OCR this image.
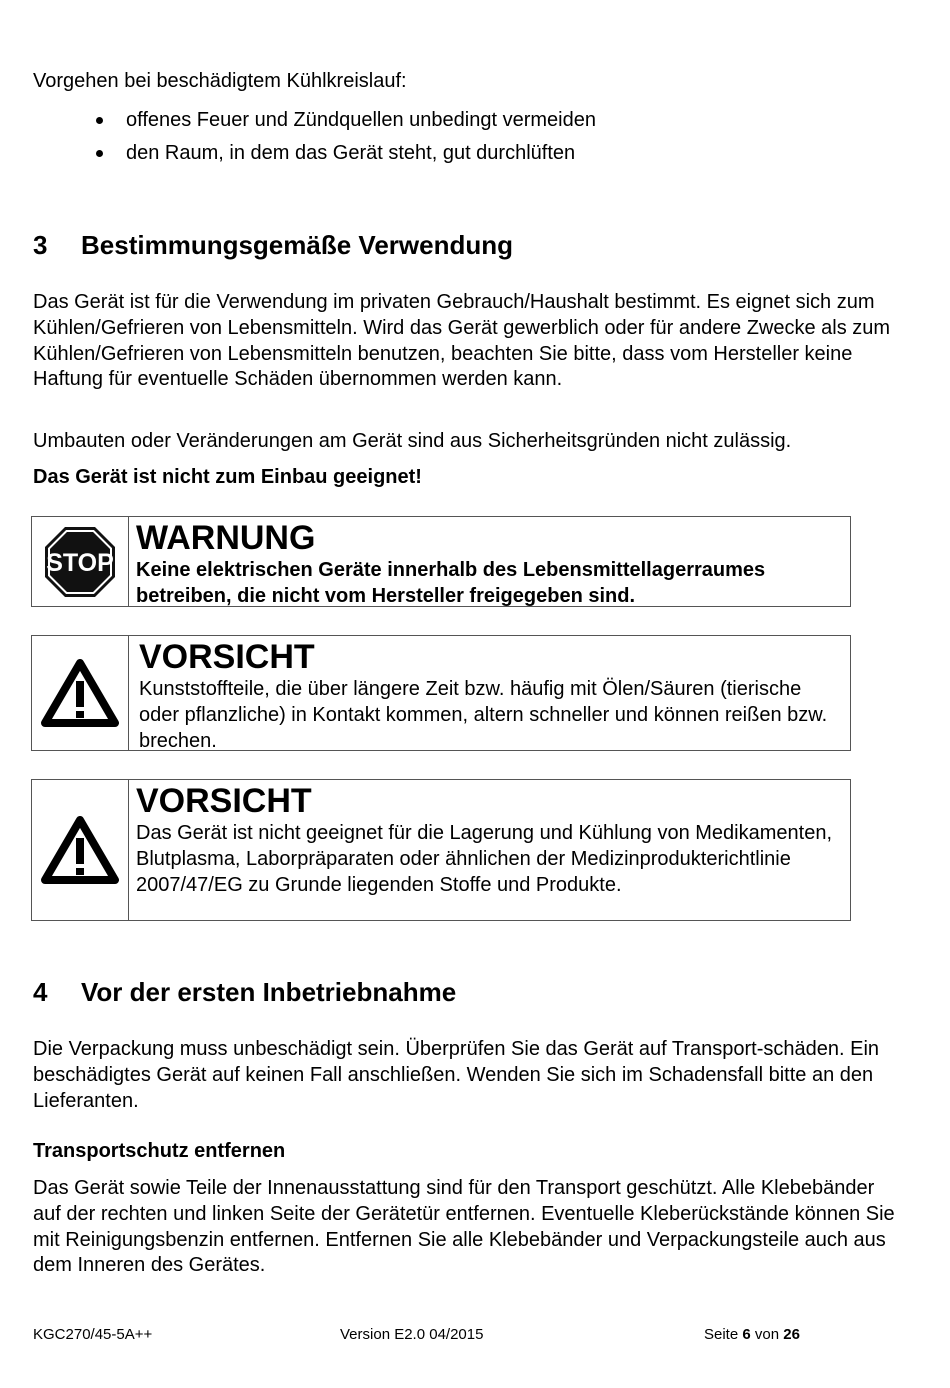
Vorgehen bei beschädigtem Kühlkreislauf:
offenes Feuer und Zündquellen unbedingt vermeiden
den Raum, in dem das Gerät steht, gut durchlüften
3 Bestimmungsgemäße Verwendung

Das Gerät ist für die Verwendung im privaten Gebrauch/Haushalt bestimmt. Es eignet sich zum Kühlen/Gefrieren von Lebensmitteln. Wird das Gerät gewerblich oder für andere Zwecke als zum Kühlen/Gefrieren von Lebensmitteln benutzen, beachten Sie bitte, dass vom Hersteller keine Haftung für eventuelle Schäden übernommen werden kann.

Umbauten oder Veränderungen am Gerät sind aus Sicherheitsgründen nicht zulässig.

Das Gerät ist nicht zum Einbau geeignet!

STOP
WARNUNG
Keine elektrischen Geräte innerhalb des Lebensmittellagerraumes betreiben, die nicht vom Hersteller freigegeben sind.
VORSICHT
Kunststoffteile, die über längere Zeit bzw. häufig mit Ölen/Säuren (tierische oder pflanzliche) in Kontakt kommen, altern schneller und können reißen bzw. brechen.
VORSICHT
Das Gerät ist nicht geeignet für die Lagerung und Kühlung von Medikamenten, Blutplasma, Laborpräparaten oder ähnlichen der Medizinprodukterichtlinie 2007/47/EG zu Grunde liegenden Stoffe und Produkte.
4 Vor der ersten Inbetriebnahme

Die Verpackung muss unbeschädigt sein. Überprüfen Sie das Gerät auf Transport-schäden. Ein beschädigtes Gerät auf keinen Fall anschließen. Wenden Sie sich im Schadensfall bitte an den Lieferanten.

Transportschutz entfernen

Das Gerät sowie Teile der Innenausstattung sind für den Transport geschützt. Alle Klebebänder auf der rechten und linken Seite der Gerätetür entfernen. Eventuelle Kleberückstände können Sie mit Reinigungsbenzin entfernen. Entfernen Sie alle Klebebänder und Verpackungsteile auch aus dem Inneren des Gerätes.

KGC270/45-5A++	Version E2.0 04/2015	Seite 6 von 26
